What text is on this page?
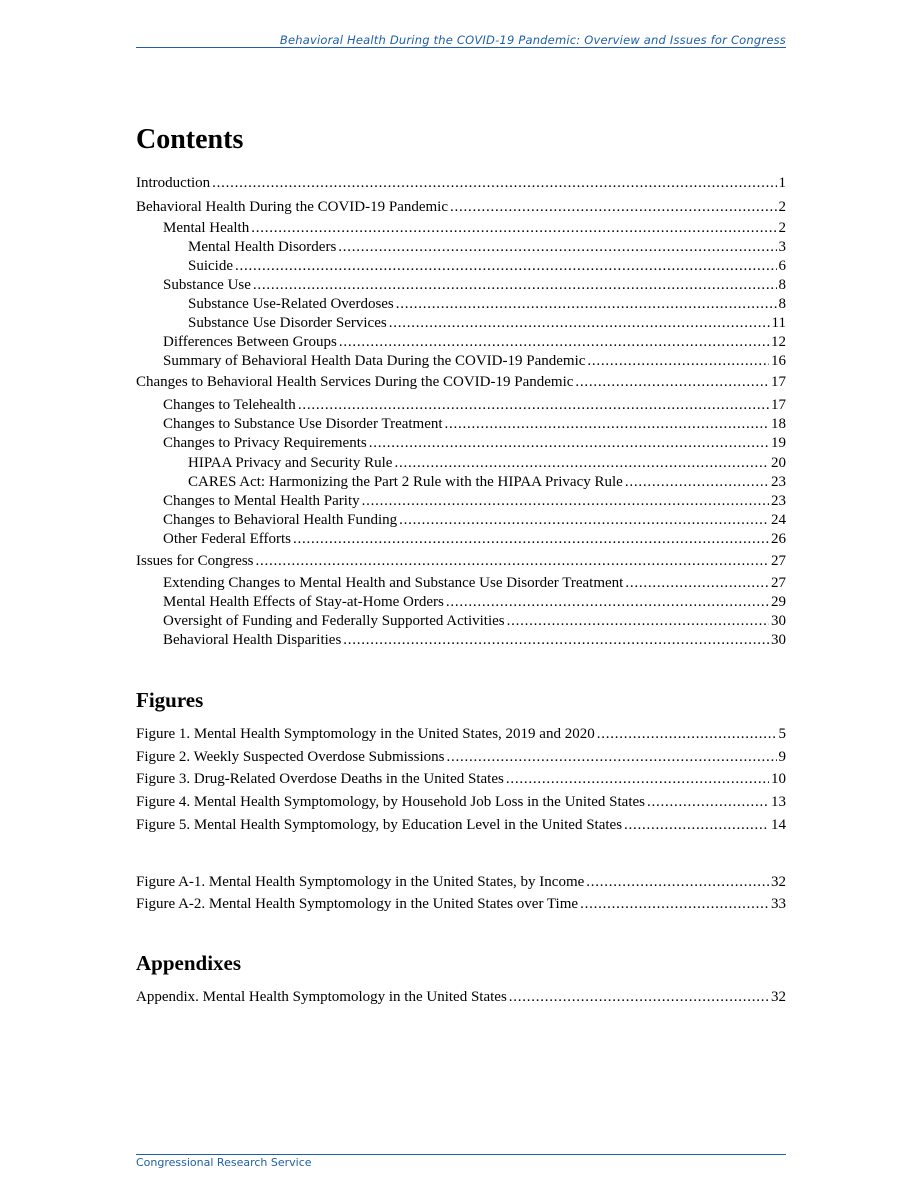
Behavioral Health During the COVID-19 Pandemic: Overview and Issues for Congress
Contents
Introduction . . .	1
Behavioral Health During the COVID-19 Pandemic . . .	2
Mental Health . . .	2
Mental Health Disorders . . .	3
Suicide . . .	6
Substance Use . . .	8
Substance Use-Related Overdoses . . .	8
Substance Use Disorder Services . . .	11
Differences Between Groups . . .	12
Summary of Behavioral Health Data During the COVID-19 Pandemic . . .	16
Changes to Behavioral Health Services During the COVID-19 Pandemic . . .	17
Changes to Telehealth . . .	17
Changes to Substance Use Disorder Treatment . . .	18
Changes to Privacy Requirements . . .	19
HIPAA Privacy and Security Rule . . .	20
CARES Act: Harmonizing the Part 2 Rule with the HIPAA Privacy Rule . . .	23
Changes to Mental Health Parity . . .	23
Changes to Behavioral Health Funding . . .	24
Other Federal Efforts . . .	26
Issues for Congress . . .	27
Extending Changes to Mental Health and Substance Use Disorder Treatment . . .	27
Mental Health Effects of Stay-at-Home Orders . . .	29
Oversight of Funding and Federally Supported Activities . . .	30
Behavioral Health Disparities . . .	30
Figures
Figure 1. Mental Health Symptomology in the United States, 2019 and 2020 . . .	5
Figure 2. Weekly Suspected Overdose Submissions . . .	9
Figure 3. Drug-Related Overdose Deaths in the United States . . .	10
Figure 4. Mental Health Symptomology, by Household Job Loss in the United States . . .	13
Figure 5. Mental Health Symptomology, by Education Level in the United States . . .	14
Figure A-1. Mental Health Symptomology in the United States, by Income . . .	32
Figure A-2. Mental Health Symptomology in the United States over Time . . .	33
Appendixes
Appendix. Mental Health Symptomology in the United States . . .	32
Congressional Research Service
